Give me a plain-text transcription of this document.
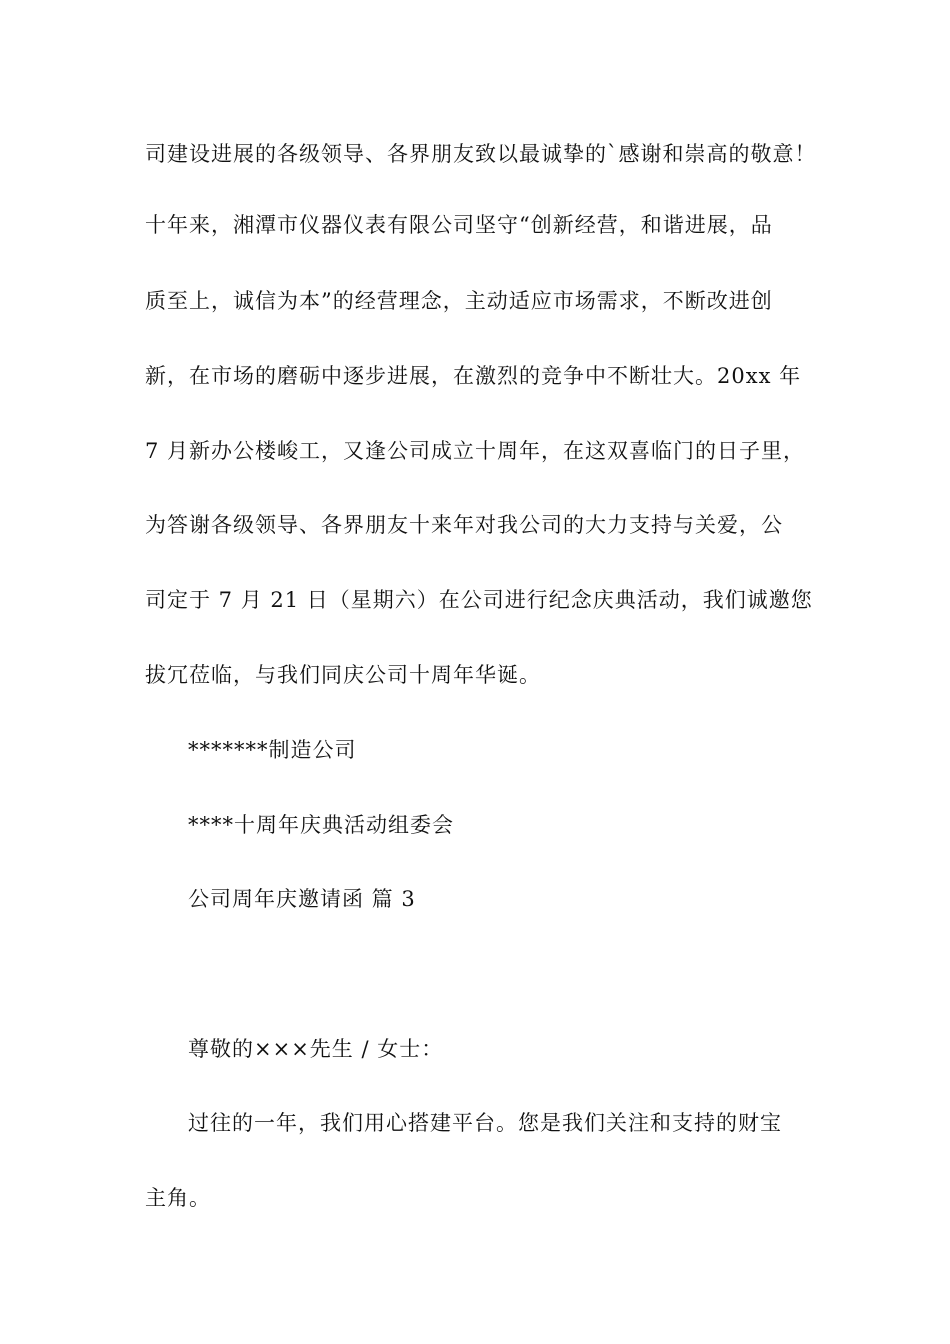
司建设进展的各级领导、各界朋友致以最诚挚的`感谢和崇高的敬意！
十年来，湘潭市仪器仪表有限公司坚守“创新经营，和谐进展，品
质至上，诚信为本”的经营理念，主动适应市场需求，不断改进创
新，在市场的磨砺中逐步进展，在激烈的竞争中不断壮大。20xx 年
7 月新办公楼峻工，又逢公司成立十周年，在这双喜临门的日子里，
为答谢各级领导、各界朋友十来年对我公司的大力支持与关爱，公
司定于 7 月 21 日（星期六）在公司进行纪念庆典活动，我们诚邀您
拔冗莅临，与我们同庆公司十周年华诞。
*******制造公司
****十周年庆典活动组委会
公司周年庆邀请函 篇 3
尊敬的×××先生 / 女士：
过往的一年，我们用心搭建平台。您是我们关注和支持的财宝
主角。
